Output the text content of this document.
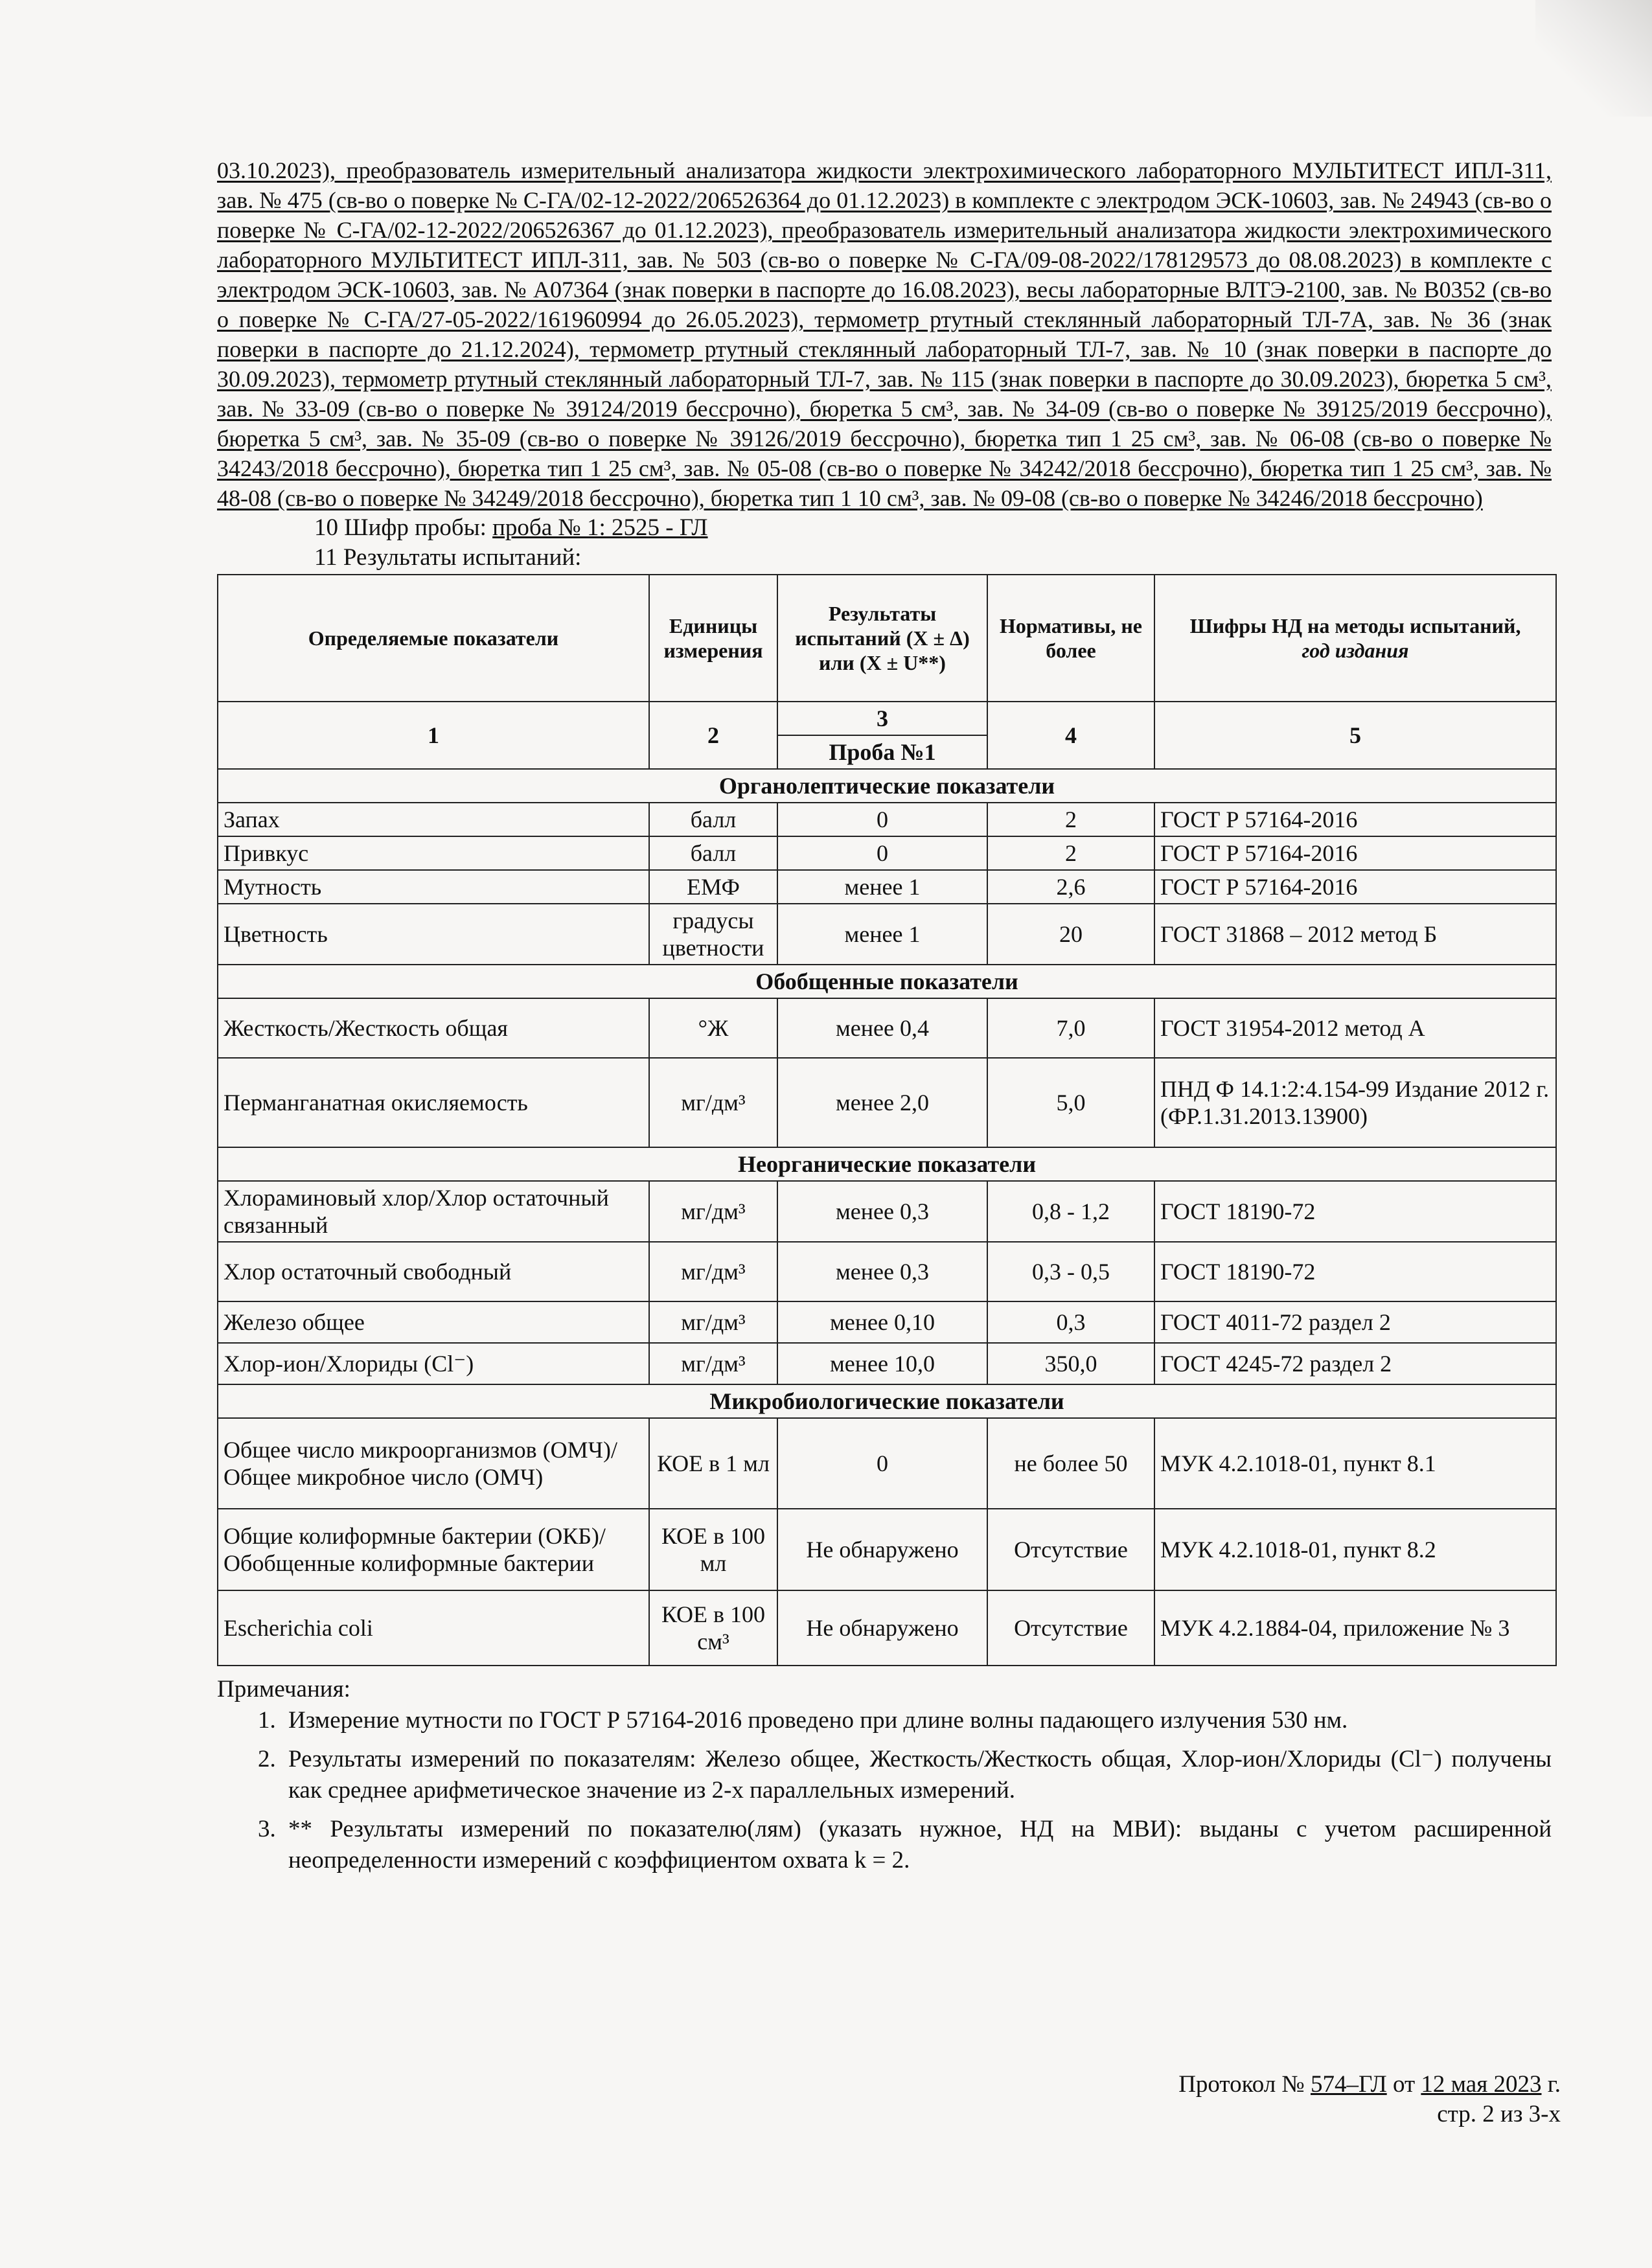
03.10.2023), преобразователь измерительный анализатора жидкости электрохимического лабораторного МУЛЬТИТЕСТ ИПЛ-311, зав. № 475 (св-во о поверке № С-ГА/02-12-2022/206526364 до 01.12.2023) в комплекте с электродом ЭСК-10603, зав. № 24943 (св-во о поверке № С-ГА/02-12-2022/206526367 до 01.12.2023), преобразователь измерительный анализатора жидкости электрохимического лабораторного МУЛЬТИТЕСТ ИПЛ-311, зав. № 503 (св-во о поверке № С-ГА/09-08-2022/178129573 до 08.08.2023) в комплекте с электродом ЭСК-10603, зав. № А07364 (знак поверки в паспорте до 16.08.2023), весы лабораторные ВЛТЭ-2100, зав. № В0352 (св-во о поверке № С-ГА/27-05-2022/161960994 до 26.05.2023), термометр ртутный стеклянный лабораторный ТЛ-7А, зав. № 36 (знак поверки в паспорте до 21.12.2024), термометр ртутный стеклянный лабораторный ТЛ-7, зав. № 10 (знак поверки в паспорте до 30.09.2023), термометр ртутный стеклянный лабораторный ТЛ-7, зав. № 115 (знак поверки в паспорте до 30.09.2023), бюретка 5 см³, зав. № 33-09 (св-во о поверке № 39124/2019 бессрочно), бюретка 5 см³, зав. № 34-09 (св-во о поверке № 39125/2019 бессрочно), бюретка 5 см³, зав. № 35-09 (св-во о поверке № 39126/2019 бессрочно), бюретка тип 1 25 см³, зав. № 06-08 (св-во о поверке № 34243/2018 бессрочно), бюретка тип 1 25 см³, зав. № 05-08 (св-во о поверке № 34242/2018 бессрочно), бюретка тип 1 25 см³, зав. № 48-08 (св-во о поверке № 34249/2018 бессрочно), бюретка тип 1 10 см³, зав. № 09-08 (св-во о поверке № 34246/2018 бессрочно)

10 Шифр пробы: проба № 1: 2525 - ГЛ
11 Результаты испытаний:
Определяемые показатели	Единицы измерения	Результаты испытаний (X ± Δ) или (X ± U**)	Нормативы, не более	Шифры НД на методы испытаний,
год издания
1	2	3	4	5
		Проба №1		
Органолептические показатели				
Запах	балл	0	2	ГОСТ Р 57164-2016
Привкус	балл	0	2	ГОСТ Р 57164-2016
Мутность	ЕМФ	менее 1	2,6	ГОСТ Р 57164-2016
Цветность	градусы цветности	менее 1	20	ГОСТ 31868 – 2012 метод Б
Обобщенные показатели				
Жесткость/Жесткость общая	°Ж	менее 0,4	7,0	ГОСТ 31954-2012 метод А
Перманганатная окисляемость	мг/дм³	менее 2,0	5,0	ПНД Ф 14.1:2:4.154-99 Издание 2012 г. (ФР.1.31.2013.13900)
Неорганические показатели				
Хлораминовый хлор/Хлор остаточный связанный	мг/дм³	менее 0,3	0,8 - 1,2	ГОСТ 18190-72
Хлор остаточный свободный	мг/дм³	менее 0,3	0,3 - 0,5	ГОСТ 18190-72
Железо общее	мг/дм³	менее 0,10	0,3	ГОСТ 4011-72 раздел 2
Хлор-ион/Хлориды (Cl⁻)	мг/дм³	менее 10,0	350,0	ГОСТ 4245-72 раздел 2
Микробиологические показатели				
Общее число микроорганизмов (ОМЧ)/Общее микробное число (ОМЧ)	КОЕ в 1 мл	0	не более 50	МУК 4.2.1018-01, пункт 8.1
Общие колиформные бактерии (ОКБ)/Обобщенные колиформные бактерии	КОЕ в 100 мл	Не обнаружено	Отсутствие	МУК 4.2.1018-01, пункт 8.2
Escherichia coli	КОЕ в 100 см³	Не обнаружено	Отсутствие	МУК 4.2.1884-04, приложение № 3
Примечания:
1. Измерение мутности по ГОСТ Р 57164-2016 проведено при длине волны падающего излучения 530 нм.
2. Результаты измерений по показателям: Железо общее, Жесткость/Жесткость общая, Хлор-ион/Хлориды (Cl⁻) получены как среднее арифметическое значение из 2-х параллельных измерений.
3. ** Результаты измерений по показателю(лям) (указать нужное, НД на МВИ): выданы с учетом расширенной неопределенности измерений с коэффициентом охвата k = 2.
Протокол № 574–ГЛ от 12 мая 2023 г.
стр. 2 из 3-х
